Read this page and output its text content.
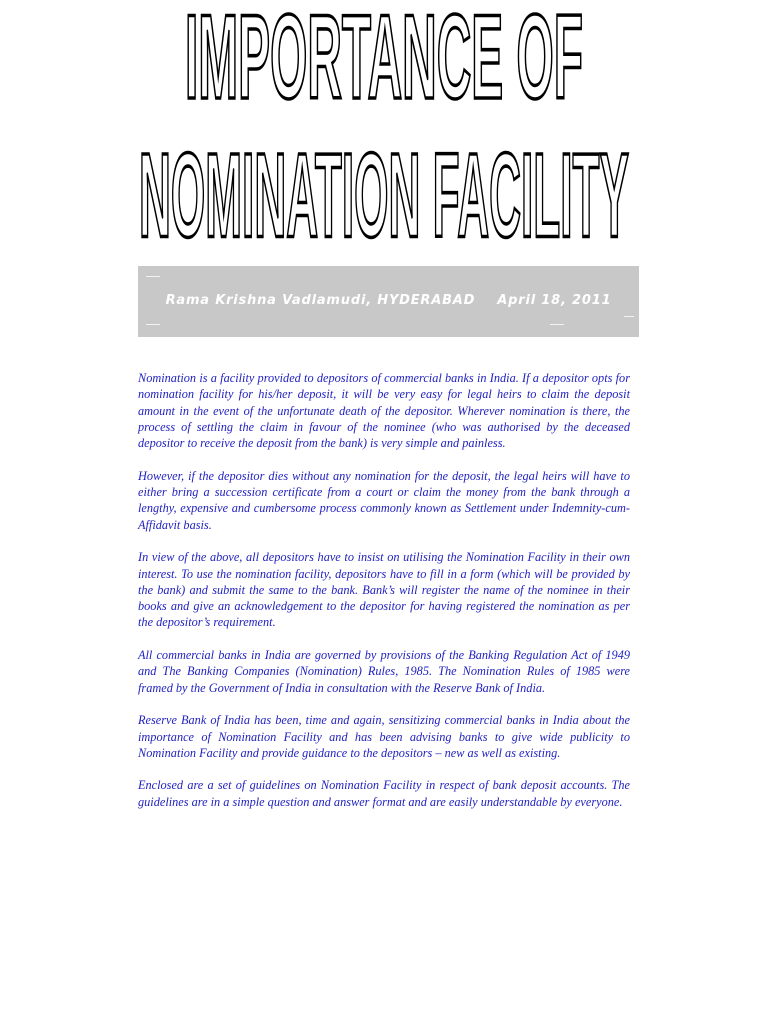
IMPORTANCE OF
NOMINATION FACILITY
Rama Krishna Vadlamudi, HYDERABAD April 18, 2011

Nomination is a facility provided to depositors of commercial banks in India. If a depositor opts for nomination facility for his/her deposit, it will be very easy for legal heirs to claim the deposit amount in the event of the unfortunate death of the depositor. Wherever nomination is there, the process of settling the claim in favour of the nominee (who was authorised by the deceased depositor to receive the deposit from the bank) is very simple and painless.

However, if the depositor dies without any nomination for the deposit, the legal heirs will have to either bring a succession certificate from a court or claim the money from the bank through a lengthy, expensive and cumbersome process commonly known as Settlement under Indemnity-cum-Affidavit basis.

In view of the above, all depositors have to insist on utilising the Nomination Facility in their own interest. To use the nomination facility, depositors have to fill in a form (which will be provided by the bank) and submit the same to the bank. Bank’s will register the name of the nominee in their books and give an acknowledgement to the depositor for having registered the nomination as per the depositor’s requirement.

All commercial banks in India are governed by provisions of the Banking Regulation Act of 1949 and The Banking Companies (Nomination) Rules, 1985. The Nomination Rules of 1985 were framed by the Government of India in consultation with the Reserve Bank of India.

Reserve Bank of India has been, time and again, sensitizing commercial banks in India about the importance of Nomination Facility and has been advising banks to give wide publicity to Nomination Facility and provide guidance to the depositors – new as well as existing.

Enclosed are a set of guidelines on Nomination Facility in respect of bank deposit accounts. The guidelines are in a simple question and answer format and are easily understandable by everyone.
